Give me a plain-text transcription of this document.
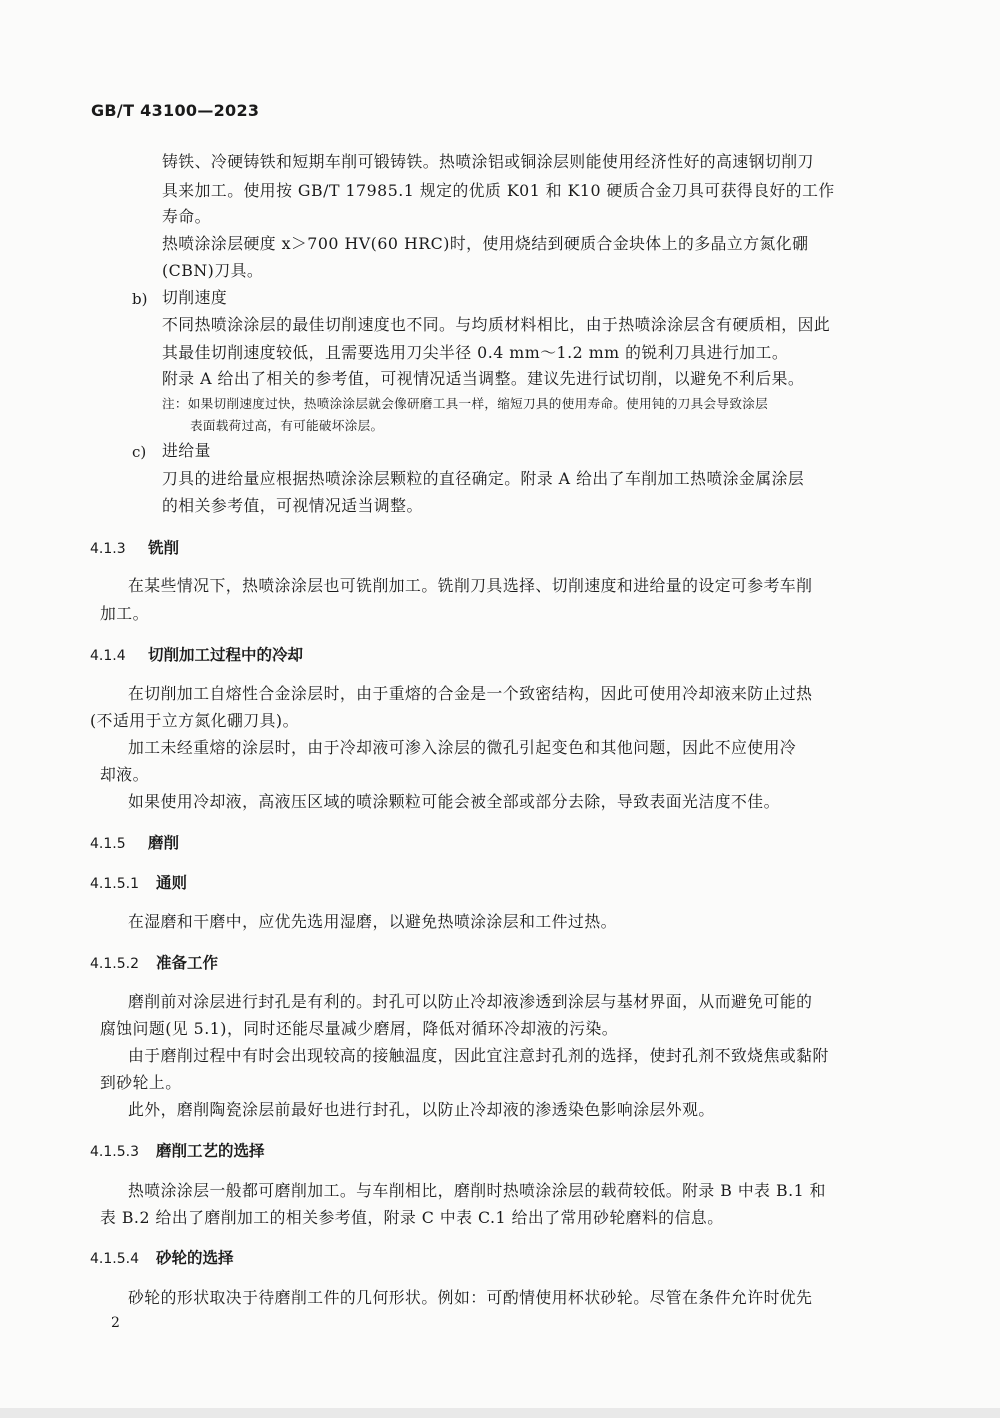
GB/T 43100—2023
铸铁、冷硬铸铁和短期车削可锻铸铁。热喷涂铝或铜涂层则能使用经济性好的高速钢切削刀
具来加工。使用按 GB/T 17985.1 规定的优质 K01 和 K10 硬质合金刀具可获得良好的工作
寿命。
热喷涂涂层硬度 x＞700 HV(60 HRC)时，使用烧结到硬质合金块体上的多晶立方氮化硼
(CBN)刀具。
b) 切削速度
不同热喷涂涂层的最佳切削速度也不同。与均质材料相比，由于热喷涂涂层含有硬质相，因此
其最佳切削速度较低，且需要选用刀尖半径 0.4 mm～1.2 mm 的锐利刀具进行加工。
附录 A 给出了相关的参考值，可视情况适当调整。建议先进行试切削，以避免不利后果。
注：如果切削速度过快，热喷涂涂层就会像研磨工具一样，缩短刀具的使用寿命。使用钝的刀具会导致涂层
表面载荷过高，有可能破坏涂层。
c) 进给量
刀具的进给量应根据热喷涂涂层颗粒的直径确定。附录 A 给出了车削加工热喷涂金属涂层
的相关参考值，可视情况适当调整。
4.1.3 铣削
在某些情况下，热喷涂涂层也可铣削加工。铣削刀具选择、切削速度和进给量的设定可参考车削
加工。
4.1.4 切削加工过程中的冷却
在切削加工自熔性合金涂层时，由于重熔的合金是一个致密结构，因此可使用冷却液来防止过热
(不适用于立方氮化硼刀具)。
加工未经重熔的涂层时，由于冷却液可渗入涂层的微孔引起变色和其他问题，因此不应使用冷
却液。
如果使用冷却液，高液压区域的喷涂颗粒可能会被全部或部分去除，导致表面光洁度不佳。
4.1.5 磨削
4.1.5.1 通则
在湿磨和干磨中，应优先选用湿磨，以避免热喷涂涂层和工件过热。
4.1.5.2 准备工作
磨削前对涂层进行封孔是有利的。封孔可以防止冷却液渗透到涂层与基材界面，从而避免可能的
腐蚀问题(见 5.1)，同时还能尽量减少磨屑，降低对循环冷却液的污染。
由于磨削过程中有时会出现较高的接触温度，因此宜注意封孔剂的选择，使封孔剂不致烧焦或黏附
到砂轮上。
此外，磨削陶瓷涂层前最好也进行封孔，以防止冷却液的渗透染色影响涂层外观。
4.1.5.3 磨削工艺的选择
热喷涂涂层一般都可磨削加工。与车削相比，磨削时热喷涂涂层的载荷较低。附录 B 中表 B.1 和
表 B.2 给出了磨削加工的相关参考值，附录 C 中表 C.1 给出了常用砂轮磨料的信息。
4.1.5.4 砂轮的选择
砂轮的形状取决于待磨削工件的几何形状。例如：可酌情使用杯状砂轮。尽管在条件允许时优先
2
